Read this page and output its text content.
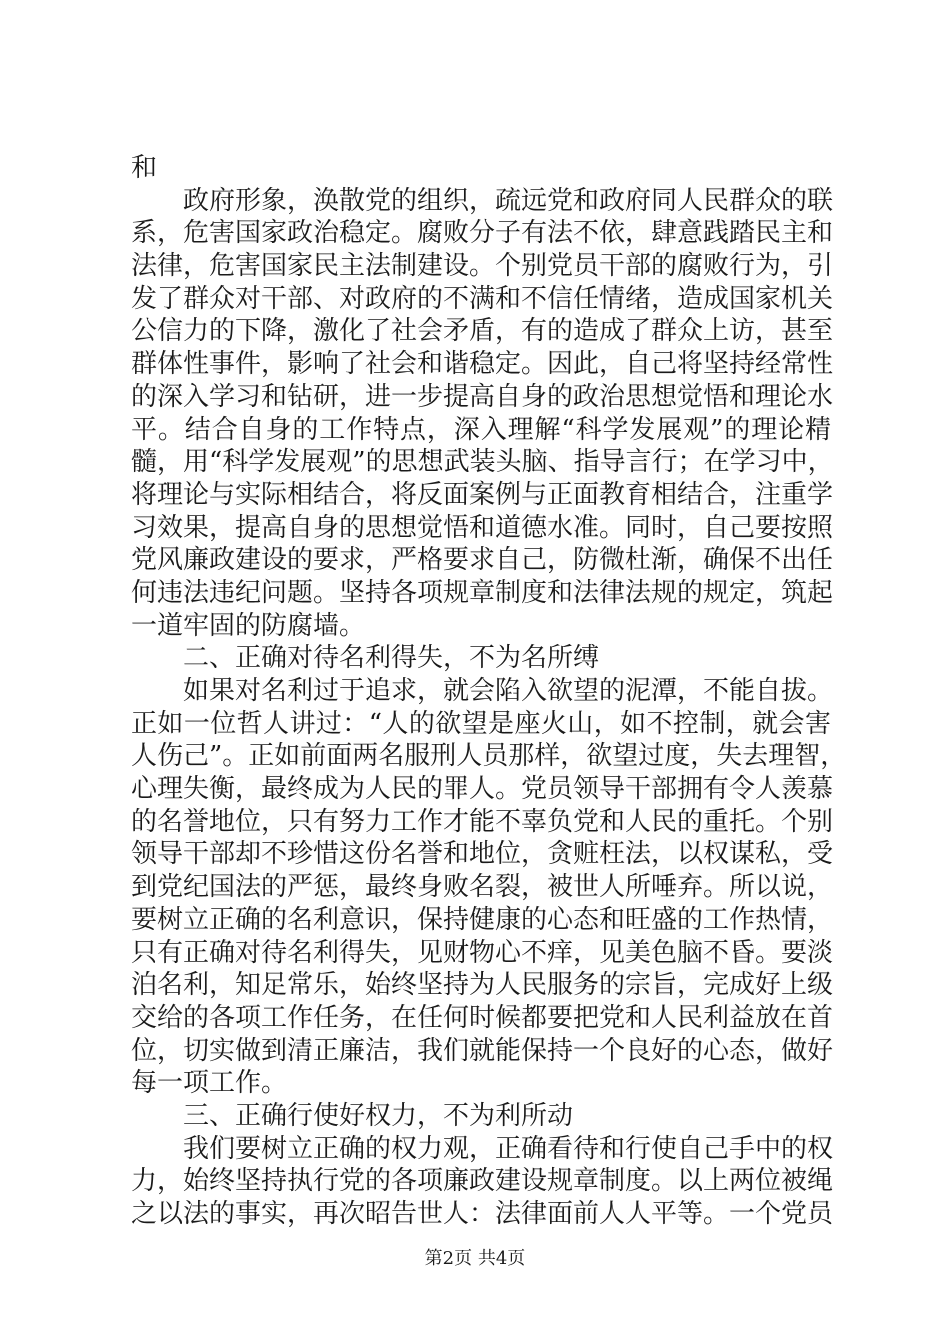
和
政府形象，涣散党的组织，疏远党和政府同人民群众的联
系，危害国家政治稳定。腐败分子有法不依，肆意践踏民主和
法律，危害国家民主法制建设。个别党员干部的腐败行为，引
发了群众对干部、对政府的不满和不信任情绪，造成国家机关
公信力的下降，激化了社会矛盾，有的造成了群众上访，甚至
群体性事件，影响了社会和谐稳定。因此，自己将坚持经常性
的深入学习和钻研，进一步提高自身的政治思想觉悟和理论水
平。结合自身的工作特点，深入理解“科学发展观”的理论精
髓，用“科学发展观”的思想武装头脑、指导言行；在学习中，
将理论与实际相结合，将反面案例与正面教育相结合，注重学
习效果，提高自身的思想觉悟和道德水准。同时，自己要按照
党风廉政建设的要求，严格要求自己，防微杜渐，确保不出任
何违法违纪问题。坚持各项规章制度和法律法规的规定，筑起
一道牢固的防腐墙。
二、正确对待名利得失，不为名所缚
如果对名利过于追求，就会陷入欲望的泥潭，不能自拔。
正如一位哲人讲过：“人的欲望是座火山，如不控制，就会害
人伤己”。正如前面两名服刑人员那样，欲望过度，失去理智，
心理失衡，最终成为人民的罪人。党员领导干部拥有令人羡慕
的名誉地位，只有努力工作才能不辜负党和人民的重托。个别
领导干部却不珍惜这份名誉和地位，贪赃枉法，以权谋私，受
到党纪国法的严惩，最终身败名裂，被世人所唾弃。所以说，
要树立正确的名利意识，保持健康的心态和旺盛的工作热情，
只有正确对待名利得失，见财物心不痒，见美色脑不昏。要淡
泊名利，知足常乐，始终坚持为人民服务的宗旨，完成好上级
交给的各项工作任务，在任何时候都要把党和人民利益放在首
位，切实做到清正廉洁，我们就能保持一个良好的心态，做好
每一项工作。
三、正确行使好权力，不为利所动
我们要树立正确的权力观，正确看待和行使自己手中的权
力，始终坚持执行党的各项廉政建设规章制度。以上两位被绳
之以法的事实，再次昭告世人：法律面前人人平等。一个党员
第2页 共4页
